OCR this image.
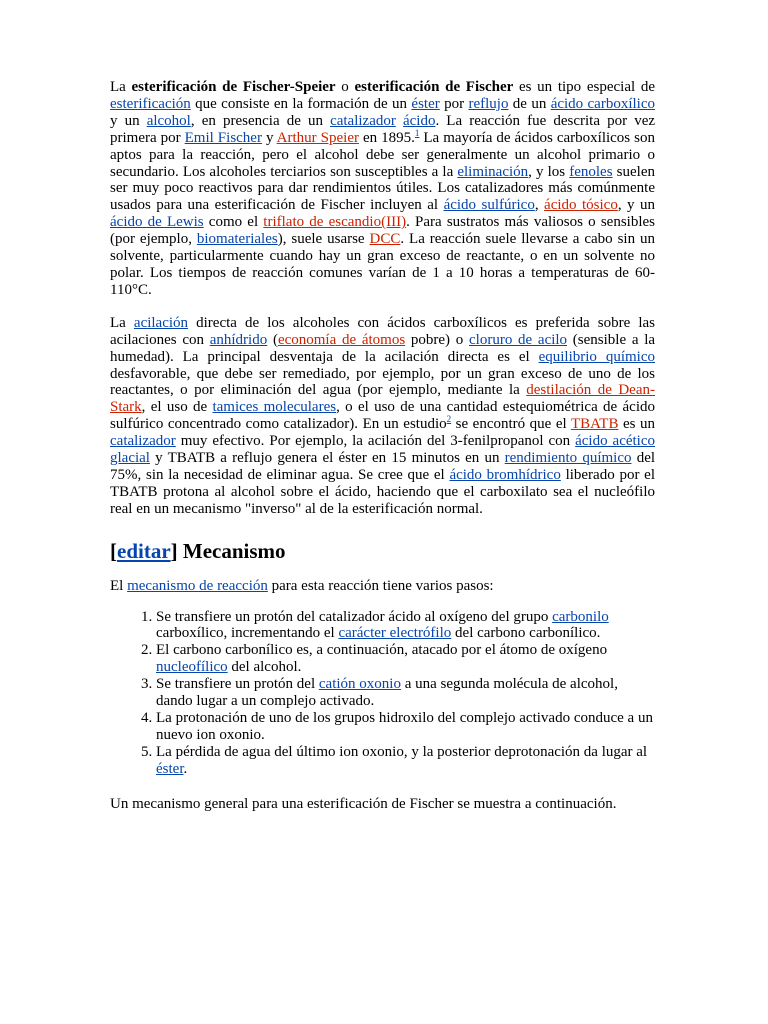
La esterificación de Fischer-Speier o esterificación de Fischer es un tipo especial de esterificación que consiste en la formación de un éster por reflujo de un ácido carboxílico y un alcohol, en presencia de un catalizador ácido. La reacción fue descrita por vez primera por Emil Fischer y Arthur Speier en 1895.$^1$ La mayoría de ácidos carboxílicos son aptos para la reacción, pero el alcohol debe ser generalmente un alcohol primario o secundario. Los alcoholes terciarios son susceptibles a la eliminación, y los fenoles suelen ser muy poco reactivos para dar rendimientos útiles. Los catalizadores más comúnmente usados para una esterificación de Fischer incluyen al ácido sulfúrico, ácido tósico, y un ácido de Lewis como el triflato de escandio(III). Para sustratos más valiosos o sensibles (por ejemplo, biomateriales), suele usarse DCC. La reacción suele llevarse a cabo sin un solvente, particularmente cuando hay un gran exceso de reactante, o en un solvente no polar. Los tiempos de reacción comunes varían de 1 a 10 horas a temperaturas de 60-110°C.

La acilación directa de los alcoholes con ácidos carboxílicos es preferida sobre las acilaciones con anhídrido (economía de átomos pobre) o cloruro de acilo (sensible a la humedad). La principal desventaja de la acilación directa es el equilibrio químico desfavorable, que debe ser remediado, por ejemplo, por un gran exceso de uno de los reactantes, o por eliminación del agua (por ejemplo, mediante la destilación de Dean-Stark, el uso de tamices moleculares, o el uso de una cantidad estequiométrica de ácido sulfúrico concentrado como catalizador). En un estudio$^2$ se encontró que el TBATB es un catalizador muy efectivo. Por ejemplo, la acilación del 3-fenilpropanol con ácido acético glacial y TBATB a reflujo genera el éster en 15 minutos en un rendimiento químico del 75%, sin la necesidad de eliminar agua. Se cree que el ácido bromhídrico liberado por el TBATB protona al alcohol sobre el ácido, haciendo que el carboxilato sea el nucleófilo real en un mecanismo "inverso" al de la esterificación normal.

[editar] Mecanismo

El mecanismo de reacción para esta reacción tiene varios pasos:

1. Se transfiere un protón del catalizador ácido al oxígeno del grupo carbonilo carboxílico, incrementando el carácter electrófilo del carbono carbonílico.
2. El carbono carbonílico es, a continuación, atacado por el átomo de oxígeno nucleofílico del alcohol.
3. Se transfiere un protón del catión oxonio a una segunda molécula de alcohol, dando lugar a un complejo activado.
4. La protonación de uno de los grupos hidroxilo del complejo activado conduce a un nuevo ion oxonio.
5. La pérdida de agua del último ion oxonio, y la posterior deprotonación da lugar al éster.

Un mecanismo general para una esterificación de Fischer se muestra a continuación.
